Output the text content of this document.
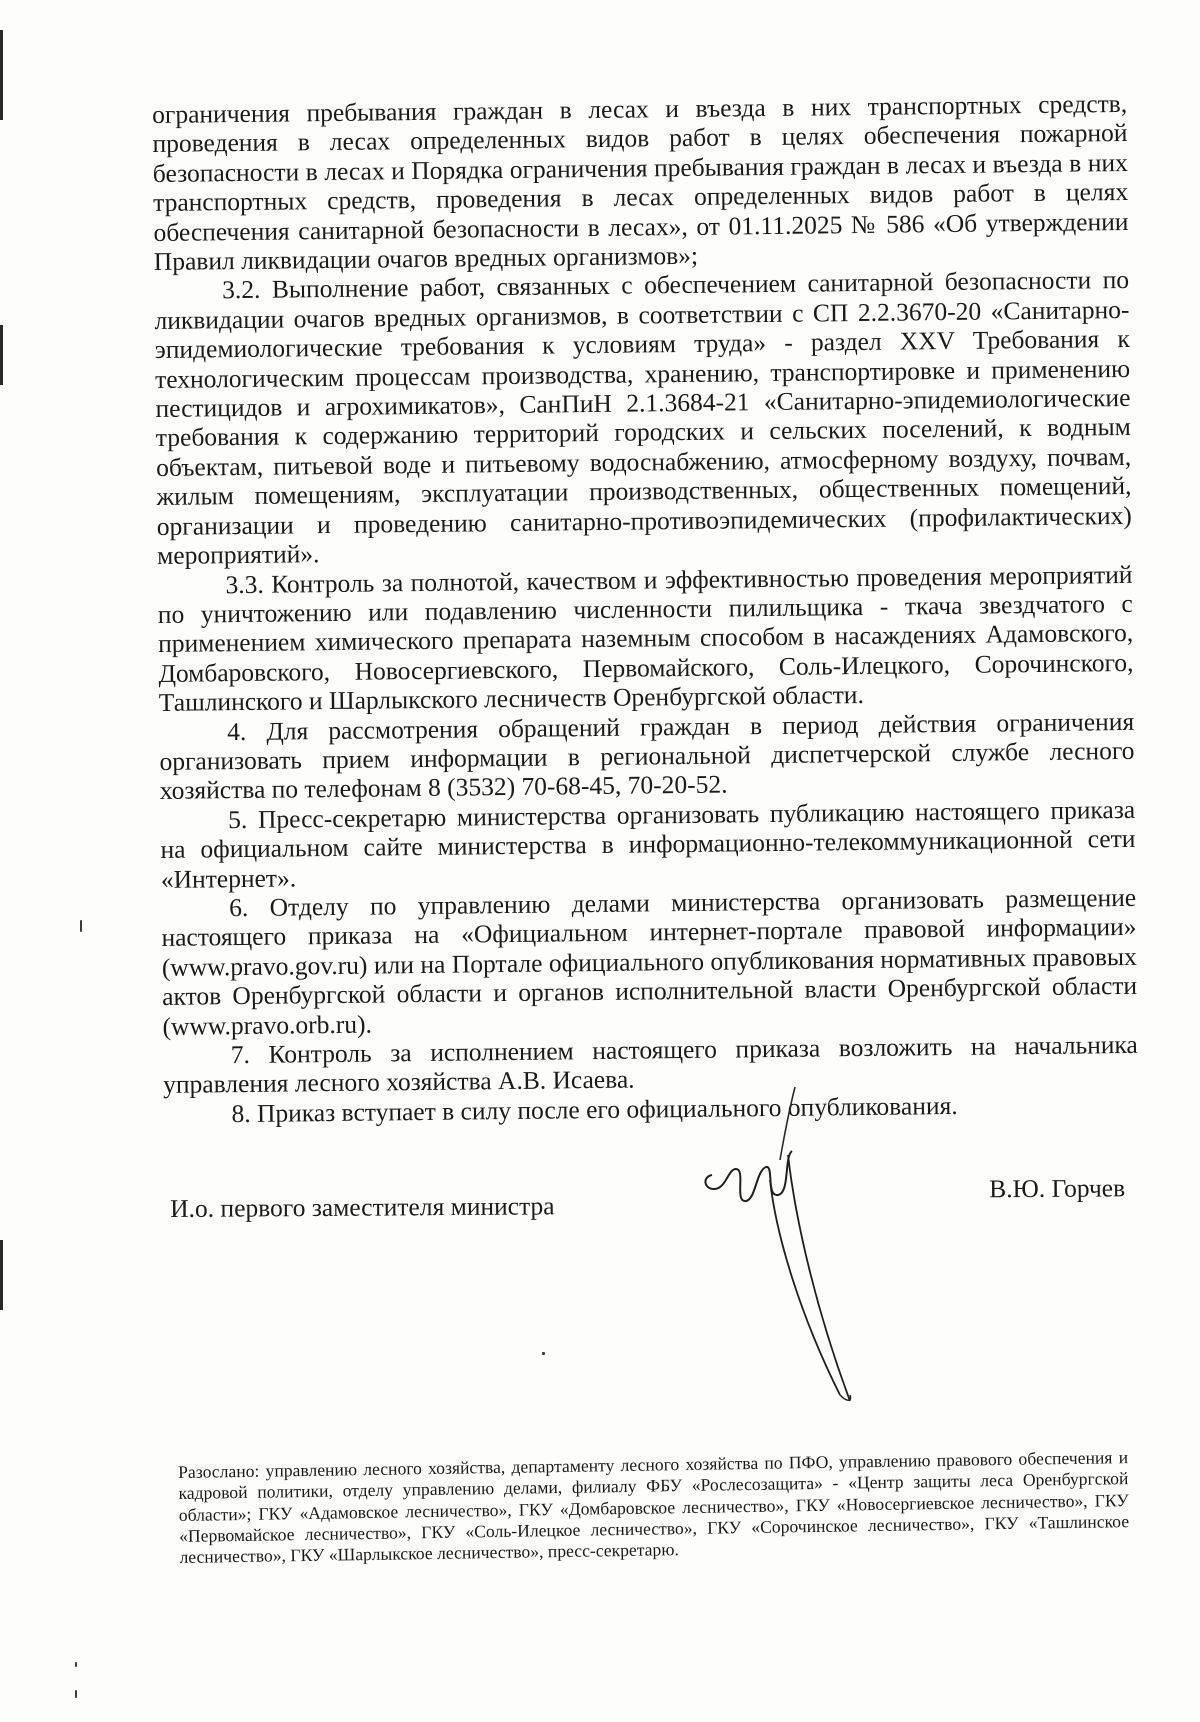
ограничения пребывания граждан в лесах и въезда в них транспортных средств, проведения в лесах определенных видов работ в целях обеспечения пожарной безопасности в лесах и Порядка ограничения пребывания граждан в лесах и въезда в них транспортных средств, проведения в лесах определенных видов работ в целях обеспечения санитарной безопасности в лесах», от 01.11.2025 № 586 «Об утверждении Правил ликвидации очагов вредных организмов»;

3.2. Выполнение работ, связанных с обеспечением санитарной безопасности по ликвидации очагов вредных организмов, в соответствии с СП 2.2.3670-20 «Санитарно-эпидемиологические требования к условиям труда» - раздел XXV Требования к технологическим процессам производства, хранению, транспортировке и применению пестицидов и агрохимикатов», СанПиН 2.1.3684-21 «Санитарно-эпидемиологические требования к содержанию территорий городских и сельских поселений, к водным объектам, питьевой воде и питьевому водоснабжению, атмосферному воздуху, почвам, жилым помещениям, эксплуатации производственных, общественных помещений, организации и проведению санитарно-противоэпидемических (профилактических) мероприятий».

3.3. Контроль за полнотой, качеством и эффективностью проведения мероприятий по уничтожению или подавлению численности пилильщика - ткача звездчатого с применением химического препарата наземным способом в насаждениях Адамовского, Домбаровского, Новосергиевского, Первомайского, Соль-Илецкого, Сорочинского, Ташлинского и Шарлыкского лесничеств Оренбургской области.

4. Для рассмотрения обращений граждан в период действия ограничения организовать прием информации в региональной диспетчерской службе лесного хозяйства по телефонам 8 (3532) 70-68-45, 70-20-52.

5. Пресс-секретарю министерства организовать публикацию настоящего приказа на официальном сайте министерства в информационно-телекоммуникационной сети «Интернет».

6. Отделу по управлению делами министерства организовать размещение настоящего приказа на «Официальном интернет-портале правовой информации» (www.pravo.gov.ru) или на Портале официального опубликования нормативных правовых актов Оренбургской области и органов исполнительной власти Оренбургской области (www.pravo.orb.ru).

7. Контроль за исполнением настоящего приказа возложить на начальника управления лесного хозяйства А.В. Исаева.

8. Приказ вступает в силу после его официального опубликования.

И.о. первого заместителя министра
В.Ю. Горчев
Разослано: управлению лесного хозяйства, департаменту лесного хозяйства по ПФО, управлению правового обеспечения и кадровой политики, отделу управлению делами, филиалу ФБУ «Рослесозащита» - «Центр защиты леса Оренбургской области»; ГКУ «Адамовское лесничество», ГКУ «Домбаровское лесничество», ГКУ «Новосергиевское лесничество», ГКУ «Первомайское лесничество», ГКУ «Соль-Илецкое лесничество», ГКУ «Сорочинское лесничество», ГКУ «Ташлинское лесничество», ГКУ «Шарлыкское лесничество», пресс-секретарю.
